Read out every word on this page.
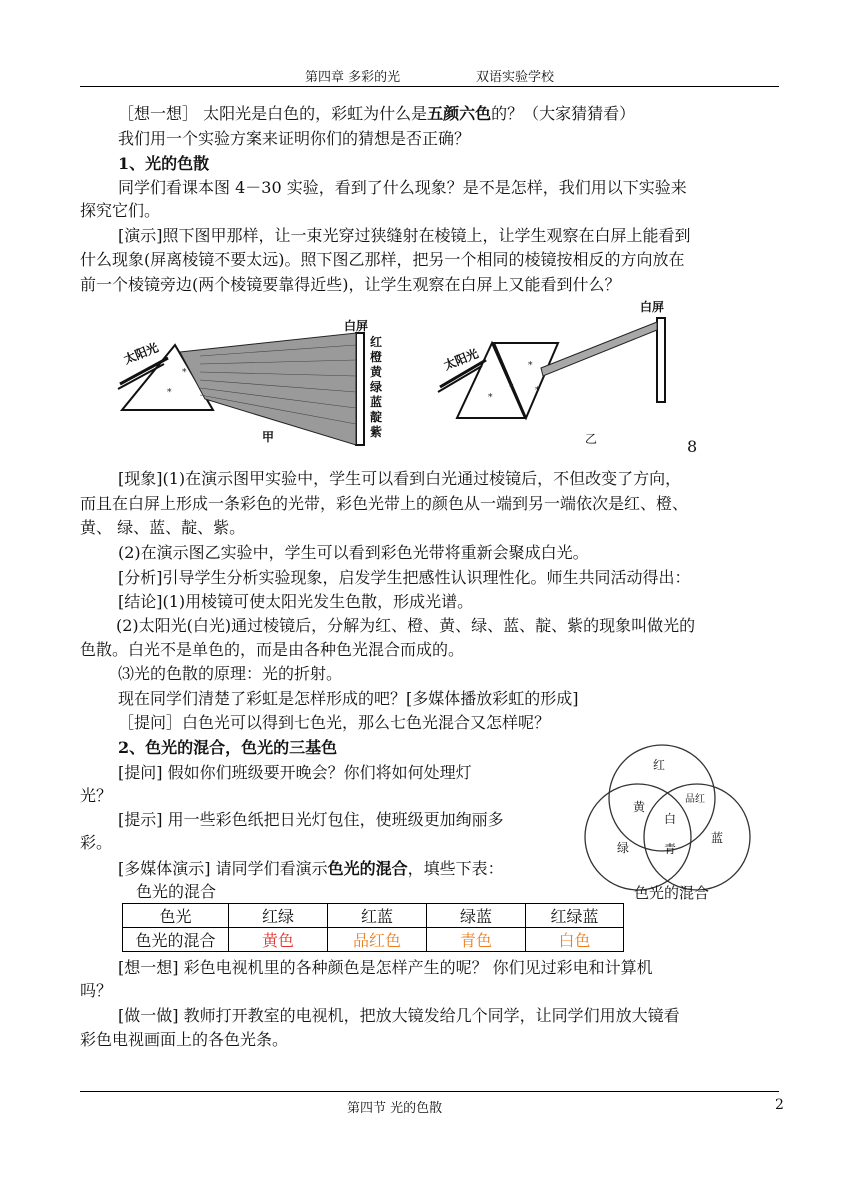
第四章 多彩的光	双语实验学校
［想一想］ 太阳光是白色的，彩虹为什么是五颜六色的？（大家猜猜看）
我们用一个实验方案来证明你们的猜想是否正确？
1、光的色散
同学们看课本图 4－30 实验，看到了什么现象？是不是怎样，我们用以下实验来
探究它们。
[演示]照下图甲那样，让一束光穿过狭缝射在棱镜上，让学生观察在白屏上能看到
什么现象(屏离棱镜不要太远)。照下图乙那样，把另一个相同的棱镜按相反的方向放在
前一个棱镜旁边(两个棱镜要靠得近些)，让学生观察在白屏上又能看到什么？
*
*	*
*
*
*
太阳光	太阳光
白屏
白屏
红
橙
黄
绿
蓝
靛
紫
甲	乙	8
[现象](1)在演示图甲实验中，学生可以看到白光通过棱镜后，不但改变了方向，
而且在白屏上形成一条彩色的光带，彩色光带上的颜色从一端到另一端依次是红、橙、
黄、 绿、蓝、靛、紫。
(2)在演示图乙实验中，学生可以看到彩色光带将重新会聚成白光。
[分析]引导学生分析实验现象，启发学生把感性认识理性化。师生共同活动得出：
[结论](1)用棱镜可使太阳光发生色散，形成光谱。
(2)太阳光(白光)通过棱镜后，分解为红、橙、黄、绿、蓝、靛、紫的现象叫做光的
色散。白光不是单色的，而是由各种色光混合而成的。
⑶光的色散的原理：光的折射。
现在同学们清楚了彩虹是怎样形成的吧？[多媒体播放彩虹的形成]
［提问］白色光可以得到七色光，那么七色光混合又怎样呢？
2、色光的混合，色光的三基色
[提问] 假如你们班级要开晚会？你们将如何处理灯
光？
[提示] 用一些彩色纸把日光灯包住，使班级更加绚丽多
彩。
[多媒体演示] 请同学们看演示色光的混合，填些下表：
色光的混合
红
黄
品红
白
绿
蓝
青
色光的混合
色光	红绿	红蓝	绿蓝	红绿蓝
色光的混合	黄色	品红色	青色	白色
[想一想] 彩色电视机里的各种颜色是怎样产生的呢？ 你们见过彩电和计算机
吗？
[做一做] 教师打开教室的电视机，把放大镜发给几个同学，让同学们用放大镜看
彩色电视画面上的各色光条。
第四节 光的色散	2
